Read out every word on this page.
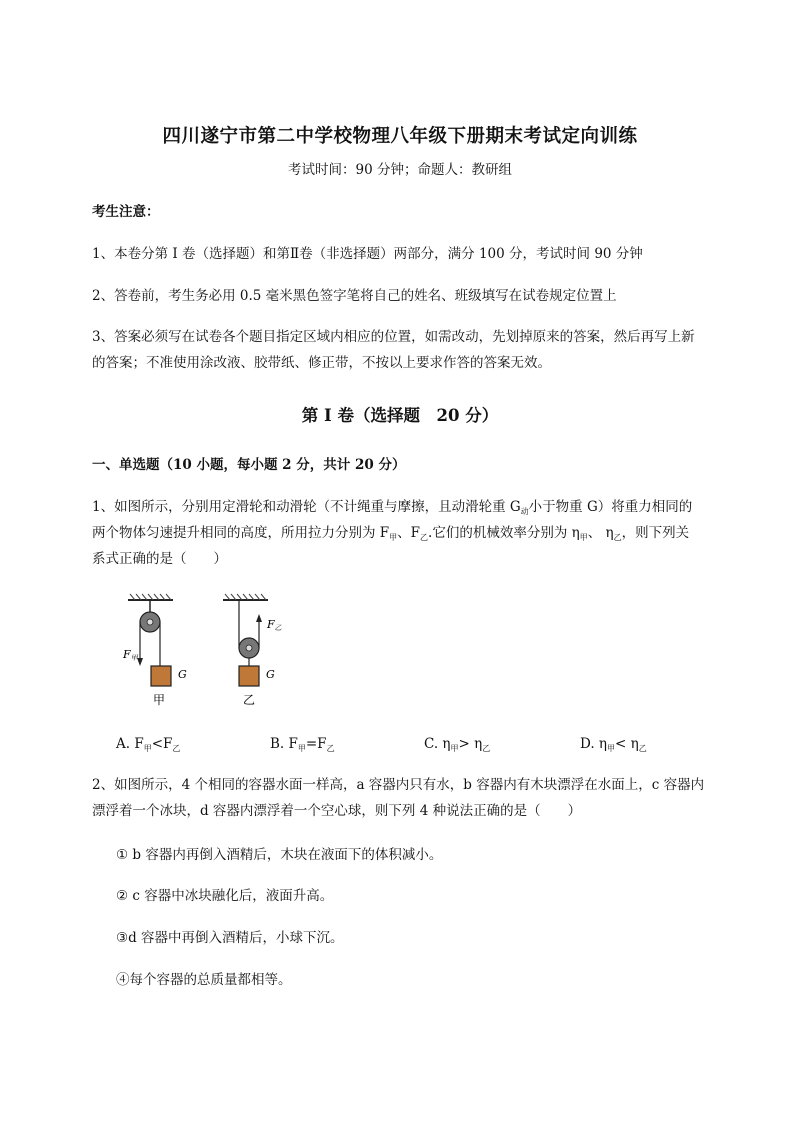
四川遂宁市第二中学校物理八年级下册期末考试定向训练
考试时间：90 分钟；命题人：教研组
考生注意：
1、本卷分第 I 卷（选择题）和第Ⅱ卷（非选择题）两部分，满分 100 分，考试时间 90 分钟
2、答卷前，考生务必用 0.5 毫米黑色签字笔将自己的姓名、班级填写在试卷规定位置上
3、答案必须写在试卷各个题目指定区域内相应的位置，如需改动，先划掉原来的答案，然后再写上新
的答案；不准使用涂改液、胶带纸、修正带，不按以上要求作答的答案无效。
第 I 卷（选择题　20 分）
一、单选题（10 小题，每小题 2 分，共计 20 分）
1、如图所示，分别用定滑轮和动滑轮（不计绳重与摩擦，且动滑轮重 $G_动$小于物重 G）将重力相同的
两个物体匀速提升相同的高度，所用拉力分别为 $F_甲$、$F_乙$.它们的机械效率分别为 $\eta_甲$、 $\eta_乙$，则下列关
系式正确的是（　　）
F甲
G
甲
F乙
G
乙
A. $F_甲<F_乙$	B. $F_甲=F_乙$	C. $\eta_甲> \eta_乙$	D. $\eta_甲< \eta_乙$
2、如图所示，4 个相同的容器水面一样高，a 容器内只有水，b 容器内有木块漂浮在水面上，c 容器内
漂浮着一个冰块，d 容器内漂浮着一个空心球，则下列 4 种说法正确的是（　　）
① b 容器内再倒入酒精后，木块在液面下的体积减小。
② c 容器中冰块融化后，液面升高。
③d 容器中再倒入酒精后，小球下沉。
④每个容器的总质量都相等。
